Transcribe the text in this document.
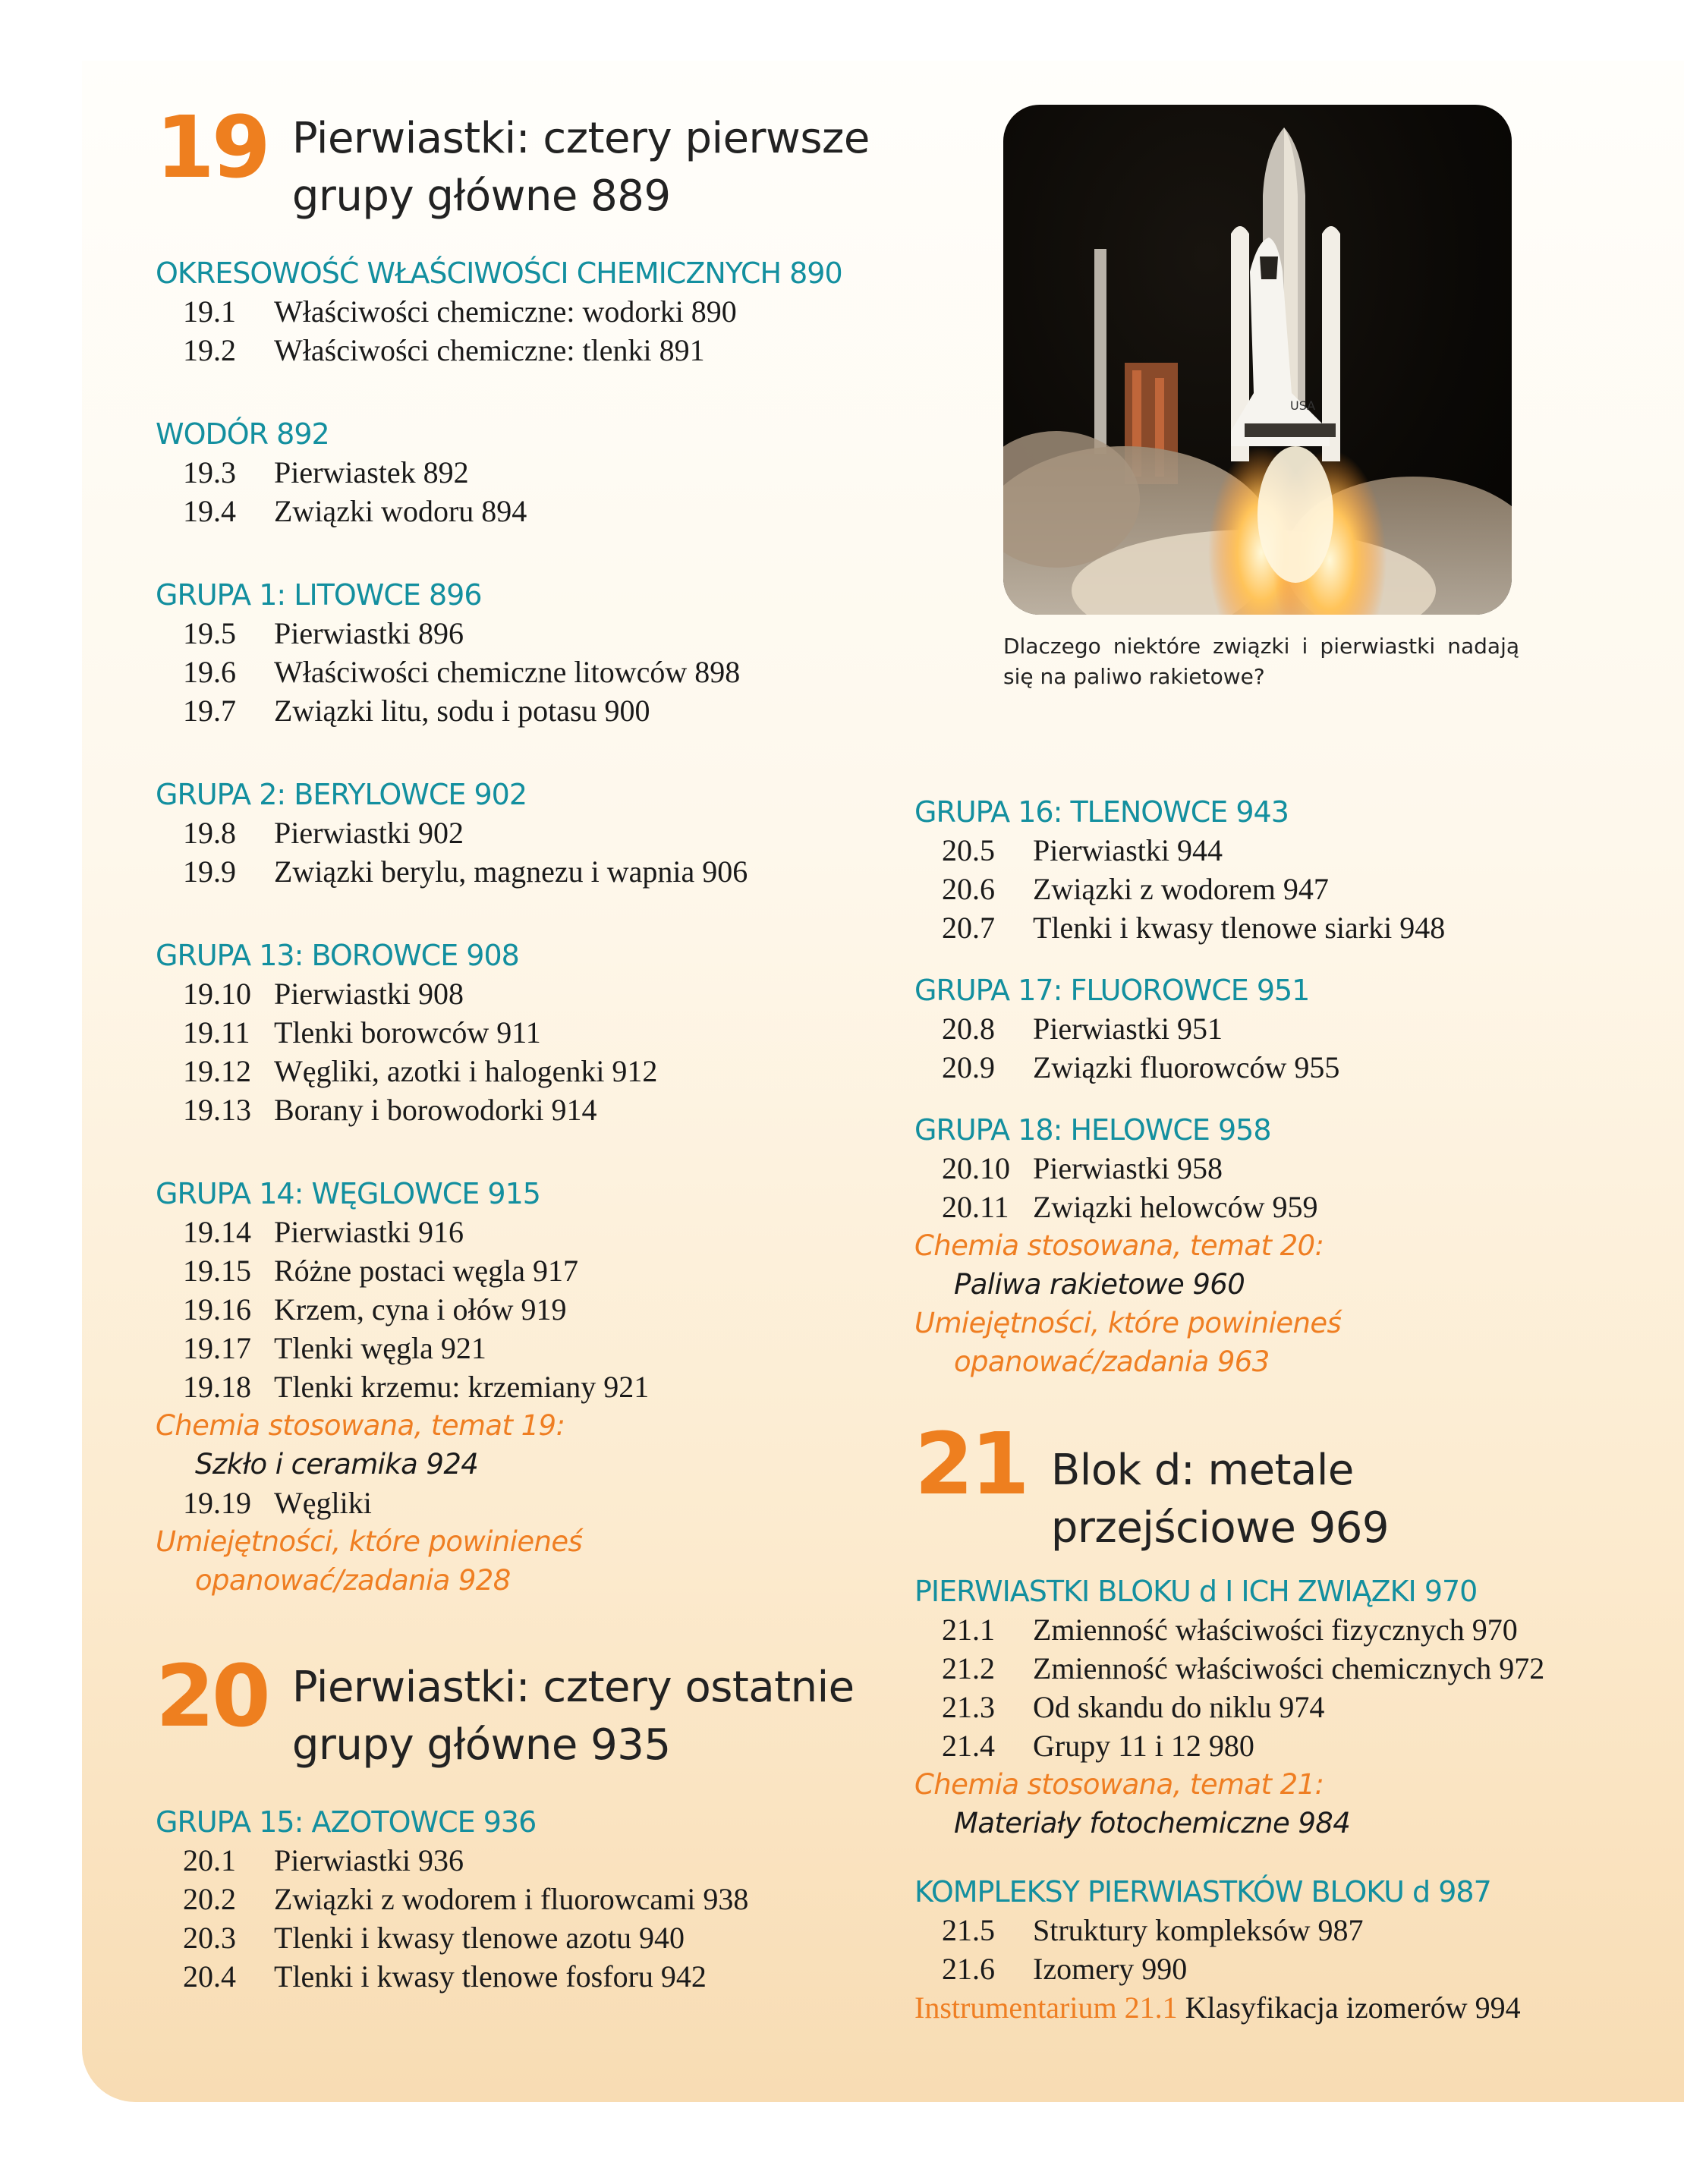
19 Pierwiastki: cztery pierwsze
grupy główne 889
OKRESOWOŚĆ WŁAŚCIWOŚCI CHEMICZNYCH 890
19.1	Właściwości chemiczne: wodorki 890
19.2	Właściwości chemiczne: tlenki 891
WODÓR 892
19.3	Pierwiastek 892
19.4	Związki wodoru 894
GRUPA 1: LITOWCE 896
19.5	Pierwiastki 896
19.6	Właściwości chemiczne litowców 898
19.7	Związki litu, sodu i potasu 900
GRUPA 2: BERYLOWCE 902
19.8	Pierwiastki 902
19.9	Związki berylu, magnezu i wapnia 906
GRUPA 13: BOROWCE 908
19.10 Pierwiastki 908
19.11 Tlenki borowców 911
19.12 Węgliki, azotki i halogenki 912
19.13 Borany i borowodorki 914
GRUPA 14: WĘGLOWCE 915
19.14 Pierwiastki 916
19.15 Różne postaci węgla 917
19.16 Krzem, cyna i ołów 919
19.17 Tlenki węgla 921
19.18 Tlenki krzemu: krzemiany 921
Chemia stosowana, temat 19:
Szkło i ceramika 924
19.19 Węgliki
Umiejętności, które powinieneś
opanować/zadania 928
20 Pierwiastki: cztery ostatnie
grupy główne 935
GRUPA 15: AZOTOWCE 936
20.1	Pierwiastki 936
20.2	Związki z wodorem i fluorowcami 938
20.3	Tlenki i kwasy tlenowe azotu 940
20.4	Tlenki i kwasy tlenowe fosforu 942
USA
Dlaczego niektóre związki i pierwiastki nadają się na paliwo rakietowe?
GRUPA 16: TLENOWCE 943
20.5	Pierwiastki 944
20.6	Związki z wodorem 947
20.7	Tlenki i kwasy tlenowe siarki 948
GRUPA 17: FLUOROWCE 951
20.8	Pierwiastki 951
20.9	Związki fluorowców 955
GRUPA 18: HELOWCE 958
20.10 Pierwiastki 958
20.11 Związki helowców 959
Chemia stosowana, temat 20:
Paliwa rakietowe 960
Umiejętności, które powinieneś
opanować/zadania 963
21 Blok d: metale
przejściowe 969
PIERWIASTKI BLOKU d I ICH ZWIĄZKI 970
21.1	Zmienność właściwości fizycznych 970
21.2	Zmienność właściwości chemicznych 972
21.3	Od skandu do niklu 974
21.4	Grupy 11 i 12 980
Chemia stosowana, temat 21:
Materiały fotochemiczne 984
KOMPLEKSY PIERWIASTKÓW BLOKU d 987
21.5	Struktury kompleksów 987
21.6	Izomery 990
Instrumentarium 21.1 Klasyfikacja izomerów 994
